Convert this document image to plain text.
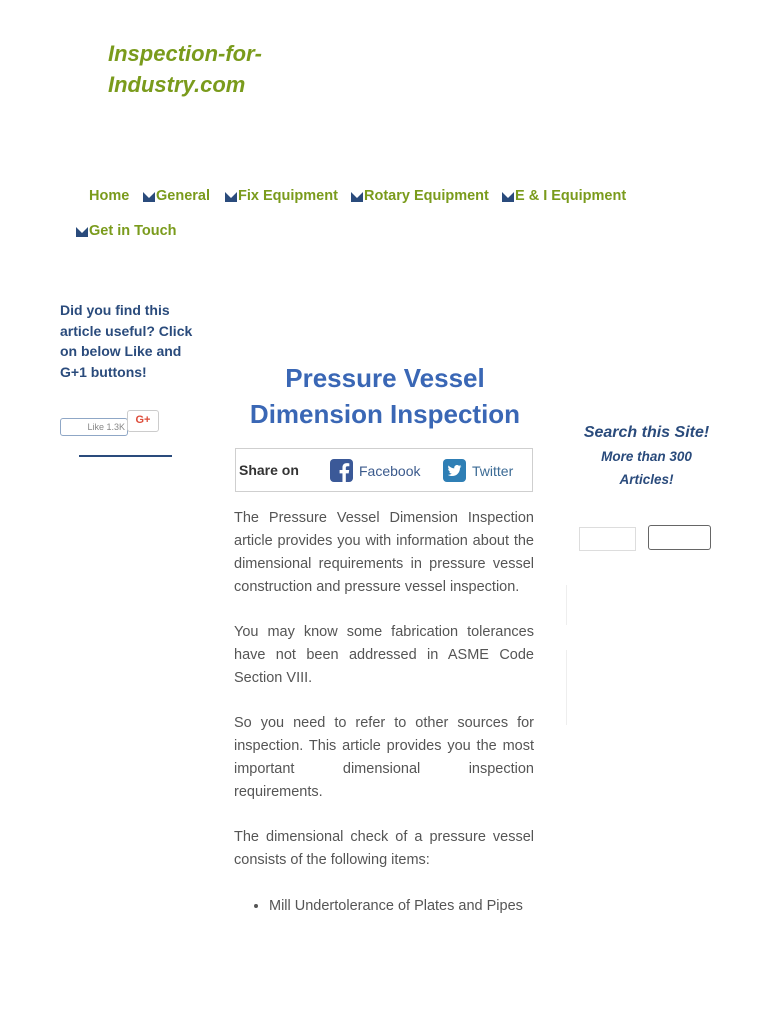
Inspection-for-Industry.com
Home	General	Fix Equipment	Rotary Equipment	E & I Equipment
Get in Touch
Did you find this article useful? Click on below Like and G+1 buttons!
Like 1.3K
G+
Pressure Vessel Dimension Inspection
Share on	Facebook	Twitter

The Pressure Vessel Dimension Inspection article provides you with information about the dimensional requirements in pressure vessel construction and pressure vessel inspection.

You may know some fabrication tolerances have not been addressed in ASME Code Section VIII.

So you need to refer to other sources for inspection. This article provides you the most important dimensional inspection requirements.

The dimensional check of a pressure vessel consists of the following items:

• Mill Undertolerance of Plates and Pipes
Search this Site!
More than 300 Articles!
